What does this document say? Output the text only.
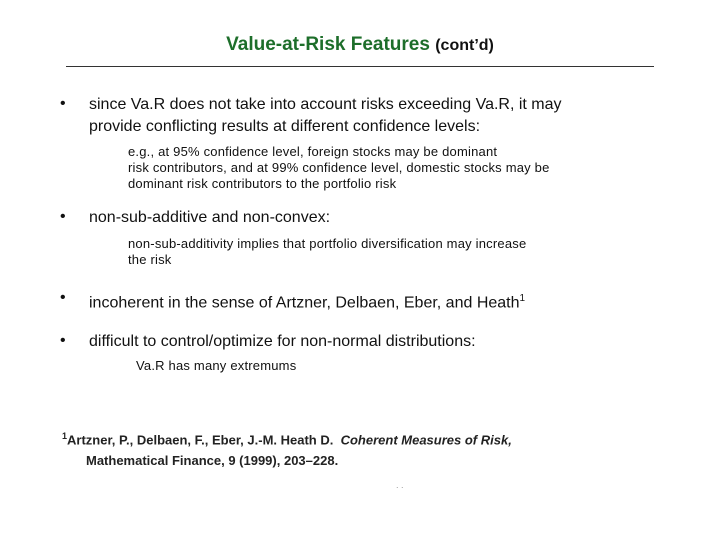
Value-at-Risk Features (cont’d)
• since Va.R does not take into account risks exceeding Va.R, it may
provide conflicting results at different confidence levels:
e.g., at 95% confidence level, foreign stocks may be dominant
risk contributors, and at 99% confidence level, domestic stocks may be
dominant risk contributors to the portfolio risk
• non-sub-additive and non-convex:
non-sub-additivity implies that portfolio diversification may increase
the risk
• incoherent in the sense of Artzner, Delbaen, Eber, and Heath$^1$
• difficult to control/optimize for non-normal distributions:
Va.R has many extremums
$^1$Artzner, P., Delbaen, F., Eber, J.-M. Heath D. Coherent Measures of Risk,
Mathematical Finance, 9 (1999), 203–228.
. .
